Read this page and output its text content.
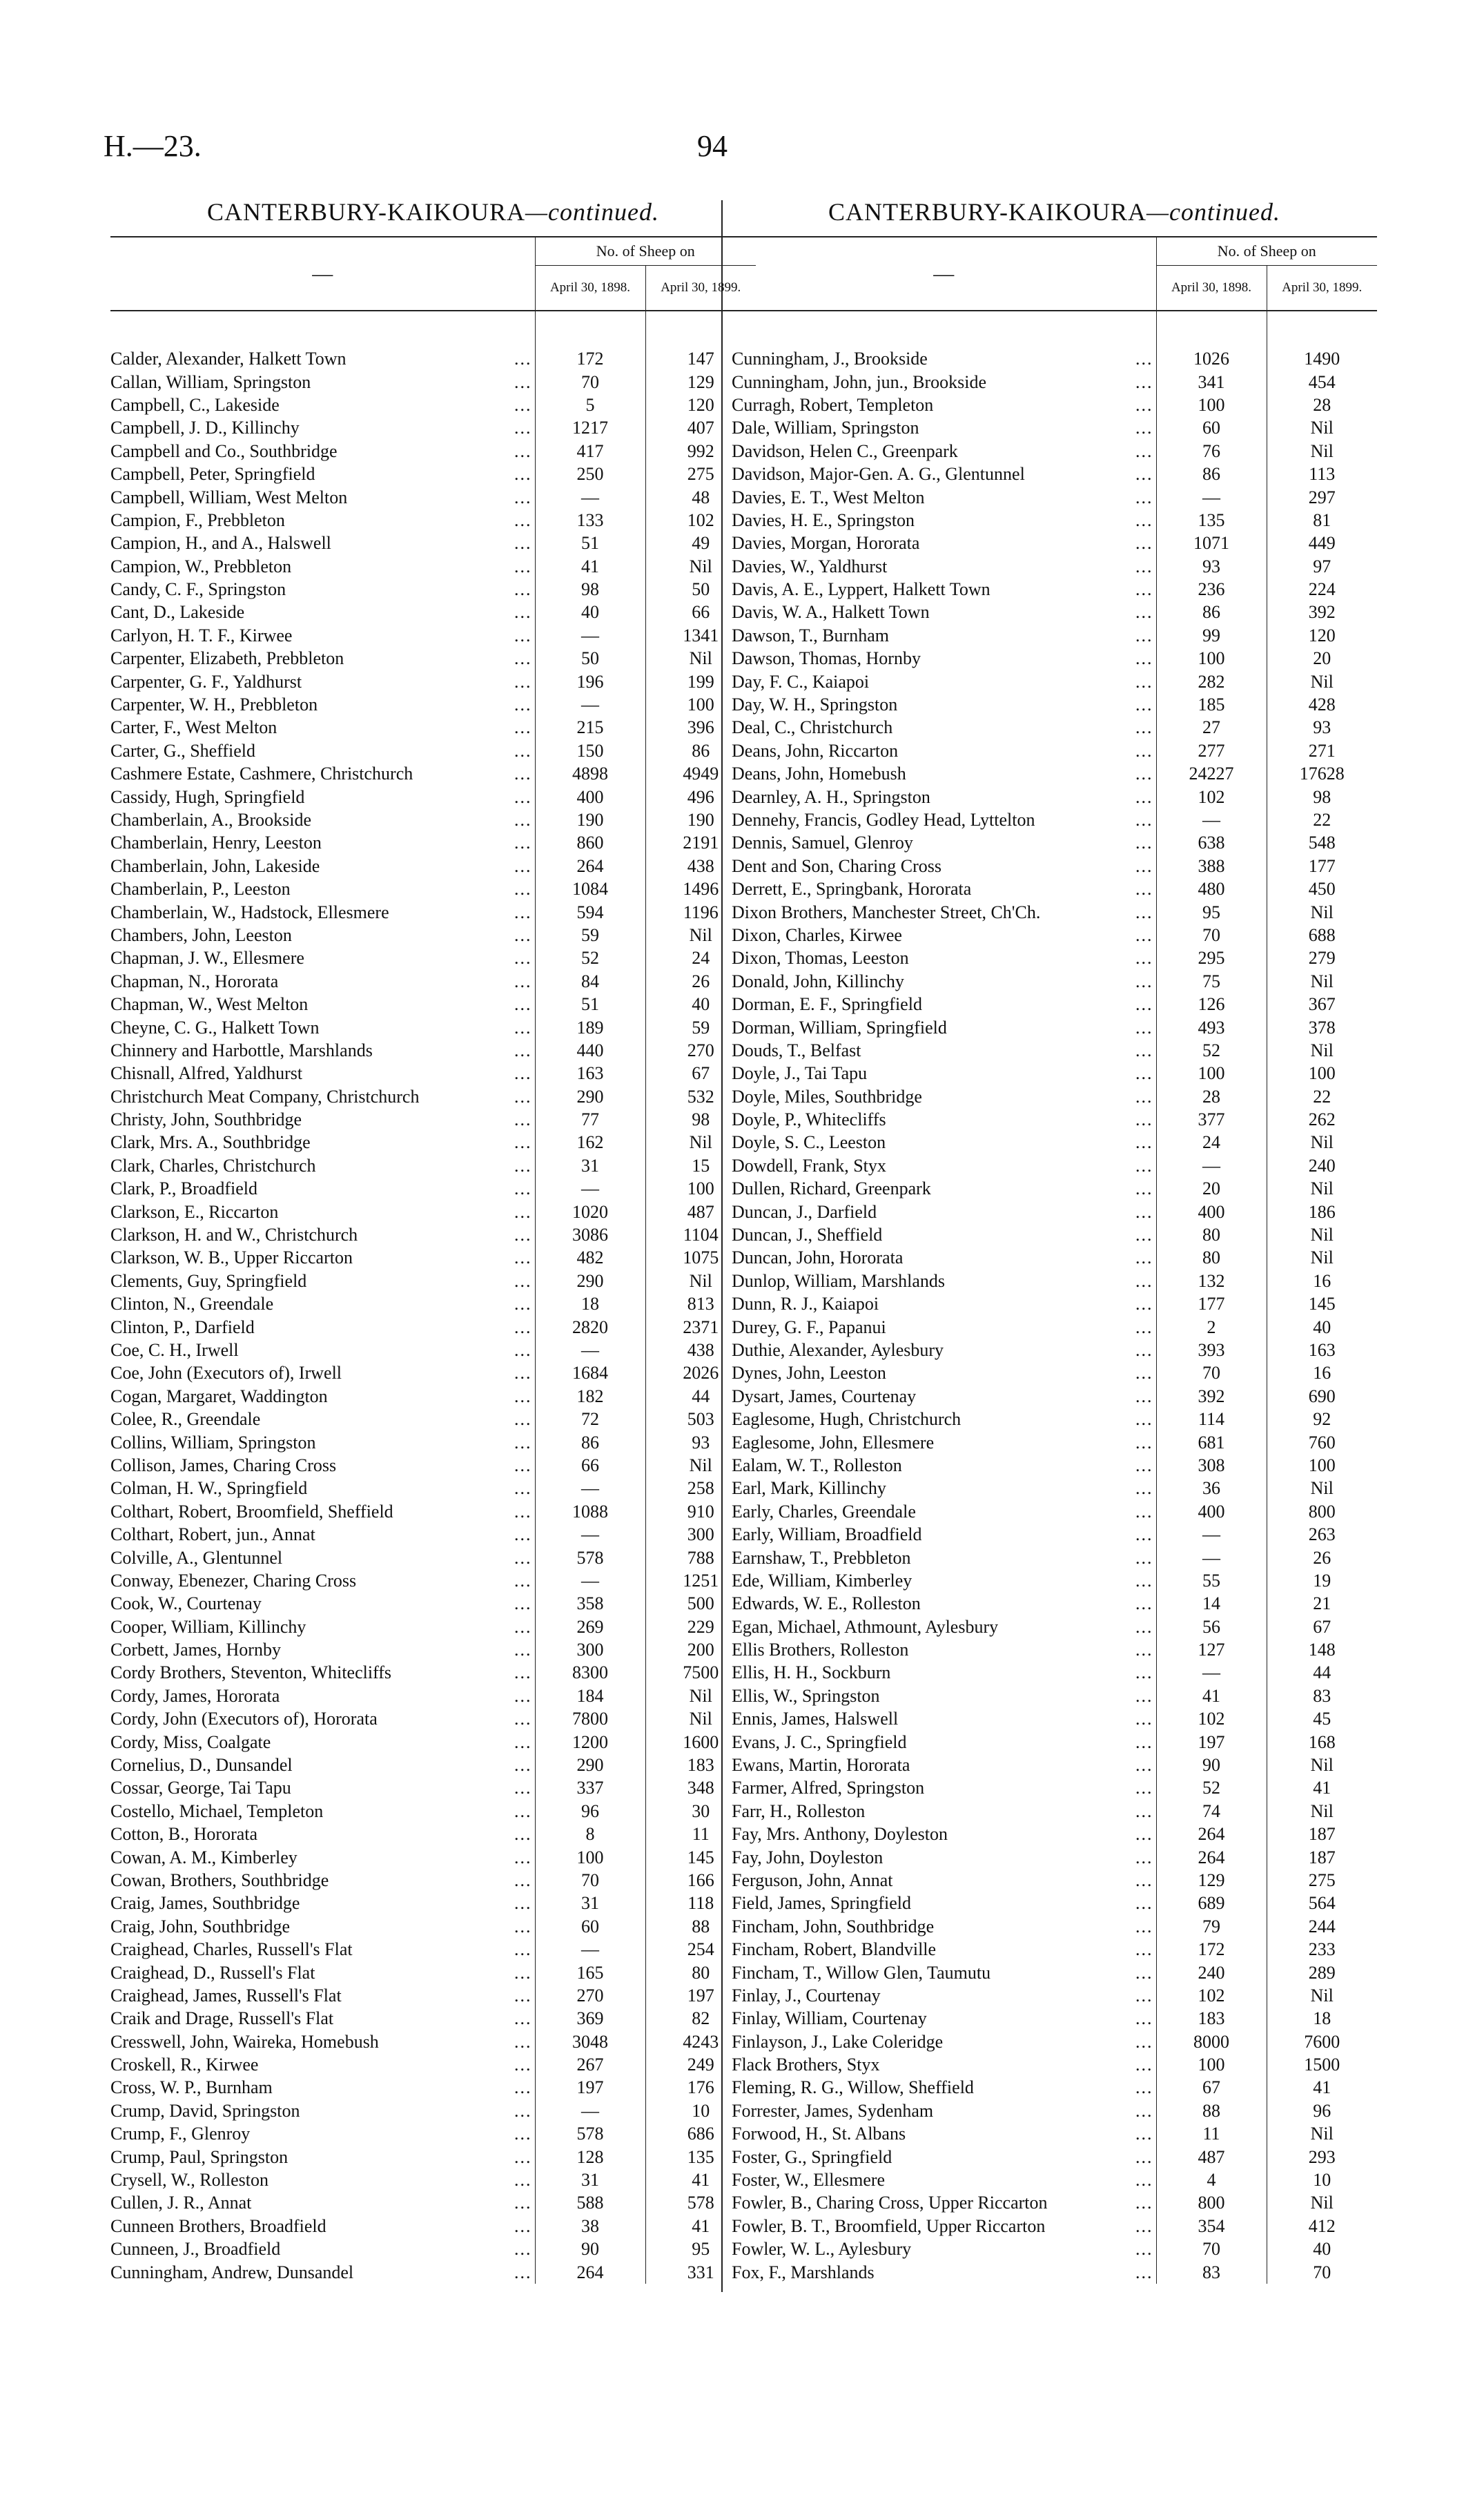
H.—23.	94
CANTERBURY-KAIKOURA—continued.
—	No. of Sheep on	
	April 30, 1898.	April 30, 1899.

...
Calder, Alexander, Halkett Town	172	147

...
Callan, William, Springston	70	129

...
Campbell, C., Lakeside	5	120

...
Campbell, J. D., Killinchy	1217	407

...
Campbell and Co., Southbridge	417	992

...
Campbell, Peter, Springfield	250	275

...
Campbell, William, West Melton	—	48

...
Campion, F., Prebbleton	133	102

...
Campion, H., and A., Halswell	51	49

...
Campion, W., Prebbleton	41	Nil

...
Candy, C. F., Springston	98	50

...
Cant, D., Lakeside	40	66

...
Carlyon, H. T. F., Kirwee	—	1341

...
Carpenter, Elizabeth, Prebbleton	50	Nil

...
Carpenter, G. F., Yaldhurst	196	199

...
Carpenter, W. H., Prebbleton	—	100

...
Carter, F., West Melton	215	396

...
Carter, G., Sheffield	150	86

...
Cashmere Estate, Cashmere, Christchurch	4898	4949

...
Cassidy, Hugh, Springfield	400	496

...
Chamberlain, A., Brookside	190	190

...
Chamberlain, Henry, Leeston	860	2191

...
Chamberlain, John, Lakeside	264	438

...
Chamberlain, P., Leeston	1084	1496

...
Chamberlain, W., Hadstock, Ellesmere	594	1196

...
Chambers, John, Leeston	59	Nil

...
Chapman, J. W., Ellesmere	52	24

...
Chapman, N., Hororata	84	26

...
Chapman, W., West Melton	51	40

...
Cheyne, C. G., Halkett Town	189	59

...
Chinnery and Harbottle, Marshlands	440	270

...
Chisnall, Alfred, Yaldhurst	163	67

...
Christchurch Meat Company, Christchurch	290	532

...
Christy, John, Southbridge	77	98

...
Clark, Mrs. A., Southbridge	162	Nil

...
Clark, Charles, Christchurch	31	15

...
Clark, P., Broadfield	—	100

...
Clarkson, E., Riccarton	1020	487

...
Clarkson, H. and W., Christchurch	3086	1104

...
Clarkson, W. B., Upper Riccarton	482	1075

...
Clements, Guy, Springfield	290	Nil

...
Clinton, N., Greendale	18	813

...
Clinton, P., Darfield	2820	2371

...
Coe, C. H., Irwell	—	438

...
Coe, John (Executors of), Irwell	1684	2026

...
Cogan, Margaret, Waddington	182	44

...
Colee, R., Greendale	72	503

...
Collins, William, Springston	86	93

...
Collison, James, Charing Cross	66	Nil

...
Colman, H. W., Springfield	—	258

...
Colthart, Robert, Broomfield, Sheffield	1088	910

...
Colthart, Robert, jun., Annat	—	300

...
Colville, A., Glentunnel	578	788

...
Conway, Ebenezer, Charing Cross	—	1251

...
Cook, W., Courtenay	358	500

...
Cooper, William, Killinchy	269	229

...
Corbett, James, Hornby	300	200

...
Cordy Brothers, Steventon, Whitecliffs	8300	7500

...
Cordy, James, Hororata	184	Nil

...
Cordy, John (Executors of), Hororata	7800	Nil

...
Cordy, Miss, Coalgate	1200	1600

...
Cornelius, D., Dunsandel	290	183

...
Cossar, George, Tai Tapu	337	348

...
Costello, Michael, Templeton	96	30

...
Cotton, B., Hororata	8	11

...
Cowan, A. M., Kimberley	100	145

...
Cowan, Brothers, Southbridge	70	166

...
Craig, James, Southbridge	31	118

...
Craig, John, Southbridge	60	88

...
Craighead, Charles, Russell's Flat	—	254

...
Craighead, D., Russell's Flat	165	80

...
Craighead, James, Russell's Flat	270	197

...
Craik and Drage, Russell's Flat	369	82

...
Cresswell, John, Waireka, Homebush	3048	4243

...
Croskell, R., Kirwee	267	249

...
Cross, W. P., Burnham	197	176

...
Crump, David, Springston	—	10

...
Crump, F., Glenroy	578	686

...
Crump, Paul, Springston	128	135

...
Crysell, W., Rolleston	31	41

...
Cullen, J. R., Annat	588	578

...
Cunneen Brothers, Broadfield	38	41

...
Cunneen, J., Broadfield	90	95

...
Cunningham, Andrew, Dunsandel	264	331
CANTERBURY-KAIKOURA—continued.
—	No. of Sheep on	
	April 30, 1898.	April 30, 1899.

...
Cunningham, J., Brookside	1026	1490

...
Cunningham, John, jun., Brookside	341	454

...
Curragh, Robert, Templeton	100	28

...
Dale, William, Springston	60	Nil

...
Davidson, Helen C., Greenpark	76	Nil

...
Davidson, Major-Gen. A. G., Glentunnel	86	113

...
Davies, E. T., West Melton	—	297

...
Davies, H. E., Springston	135	81

...
Davies, Morgan, Hororata	1071	449

...
Davies, W., Yaldhurst	93	97

...
Davis, A. E., Lyppert, Halkett Town	236	224

...
Davis, W. A., Halkett Town	86	392

...
Dawson, T., Burnham	99	120

...
Dawson, Thomas, Hornby	100	20

...
Day, F. C., Kaiapoi	282	Nil

...
Day, W. H., Springston	185	428

...
Deal, C., Christchurch	27	93

...
Deans, John, Riccarton	277	271

...
Deans, John, Homebush	24227	17628

...
Dearnley, A. H., Springston	102	98

...
Dennehy, Francis, Godley Head, Lyttelton	—	22

...
Dennis, Samuel, Glenroy	638	548

...
Dent and Son, Charing Cross	388	177

...
Derrett, E., Springbank, Hororata	480	450

...
Dixon Brothers, Manchester Street, Ch'Ch.	95	Nil

...
Dixon, Charles, Kirwee	70	688

...
Dixon, Thomas, Leeston	295	279

...
Donald, John, Killinchy	75	Nil

...
Dorman, E. F., Springfield	126	367

...
Dorman, William, Springfield	493	378

...
Douds, T., Belfast	52	Nil

...
Doyle, J., Tai Tapu	100	100

...
Doyle, Miles, Southbridge	28	22

...
Doyle, P., Whitecliffs	377	262

...
Doyle, S. C., Leeston	24	Nil

...
Dowdell, Frank, Styx	—	240

...
Dullen, Richard, Greenpark	20	Nil

...
Duncan, J., Darfield	400	186

...
Duncan, J., Sheffield	80	Nil

...
Duncan, John, Hororata	80	Nil

...
Dunlop, William, Marshlands	132	16

...
Dunn, R. J., Kaiapoi	177	145

...
Durey, G. F., Papanui	2	40

...
Duthie, Alexander, Aylesbury	393	163

...
Dynes, John, Leeston	70	16

...
Dysart, James, Courtenay	392	690

...
Eaglesome, Hugh, Christchurch	114	92

...
Eaglesome, John, Ellesmere	681	760

...
Ealam, W. T., Rolleston	308	100

...
Earl, Mark, Killinchy	36	Nil

...
Early, Charles, Greendale	400	800

...
Early, William, Broadfield	—	263

...
Earnshaw, T., Prebbleton	—	26

...
Ede, William, Kimberley	55	19

...
Edwards, W. E., Rolleston	14	21

...
Egan, Michael, Athmount, Aylesbury	56	67

...
Ellis Brothers, Rolleston	127	148

...
Ellis, H. H., Sockburn	—	44

...
Ellis, W., Springston	41	83

...
Ennis, James, Halswell	102	45

...
Evans, J. C., Springfield	197	168

...
Ewans, Martin, Hororata	90	Nil

...
Farmer, Alfred, Springston	52	41

...
Farr, H., Rolleston	74	Nil

...
Fay, Mrs. Anthony, Doyleston	264	187

...
Fay, John, Doyleston	264	187

...
Ferguson, John, Annat	129	275

...
Field, James, Springfield	689	564

...
Fincham, John, Southbridge	79	244

...
Fincham, Robert, Blandville	172	233

...
Fincham, T., Willow Glen, Taumutu	240	289

...
Finlay, J., Courtenay	102	Nil

...
Finlay, William, Courtenay	183	18

...
Finlayson, J., Lake Coleridge	8000	7600

...
Flack Brothers, Styx	100	1500

...
Fleming, R. G., Willow, Sheffield	67	41

...
Forrester, James, Sydenham	88	96

...
Forwood, H., St. Albans	11	Nil

...
Foster, G., Springfield	487	293

...
Foster, W., Ellesmere	4	10

...
Fowler, B., Charing Cross, Upper Riccarton	800	Nil

...
Fowler, B. T., Broomfield, Upper Riccarton	354	412

...
Fowler, W. L., Aylesbury	70	40

...
Fox, F., Marshlands	83	70
